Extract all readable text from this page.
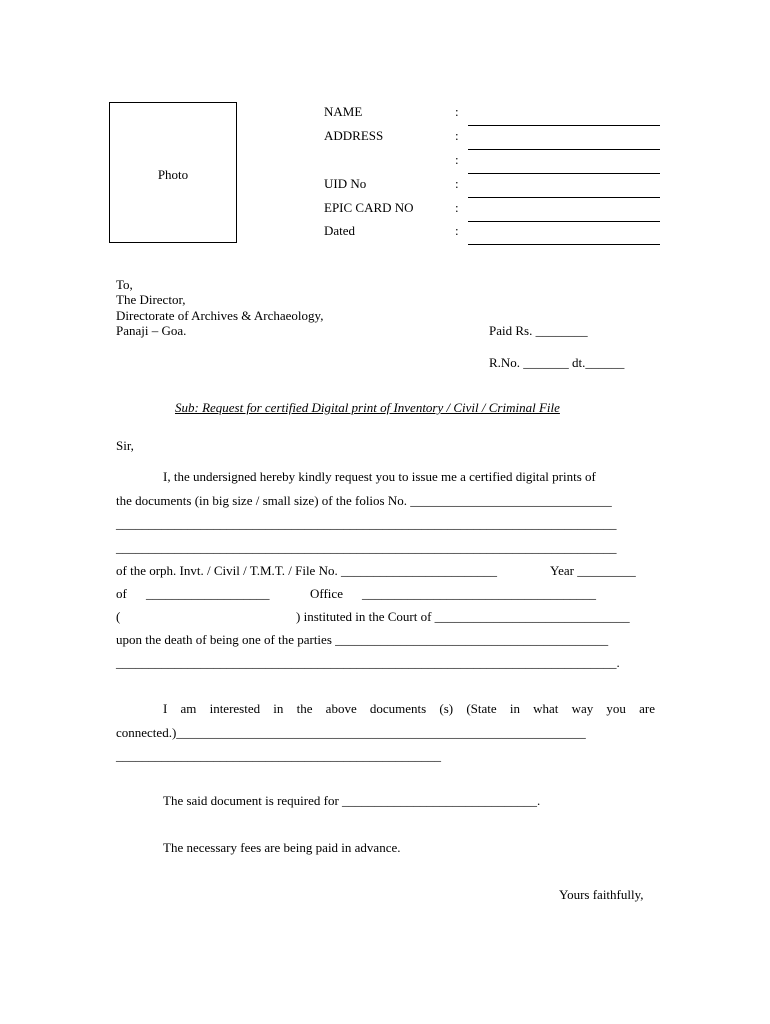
Photo
NAME	:
ADDRESS	:
:
UID No	:
EPIC CARD NO	:
Dated	:
To,
The Director,
Directorate of Archives & Archaeology,
Panaji – Goa.	Paid Rs. ________
R.No. _______ dt.______
Sub: Request for certified Digital print of Inventory / Civil / Criminal File
Sir,
I, the undersigned hereby kindly request you to issue me a certified digital prints of
the documents (in big size / small size) of the folios No. _______________________________
_____________________________________________________________________________
_____________________________________________________________________________
of the orph. Invt. / Civil / T.M.T. / File No. ________________________	Year _________
of ___________________	Office ____________________________________
(	) instituted in the Court of ______________________________
upon the death of being one of the parties __________________________________________
_____________________________________________________________________________.
I am interested in the above documents (s) (State in what way you are
connected.)_______________________________________________________________
__________________________________________________
The said document is required for ______________________________.
The necessary fees are being paid in advance.
Yours faithfully,
